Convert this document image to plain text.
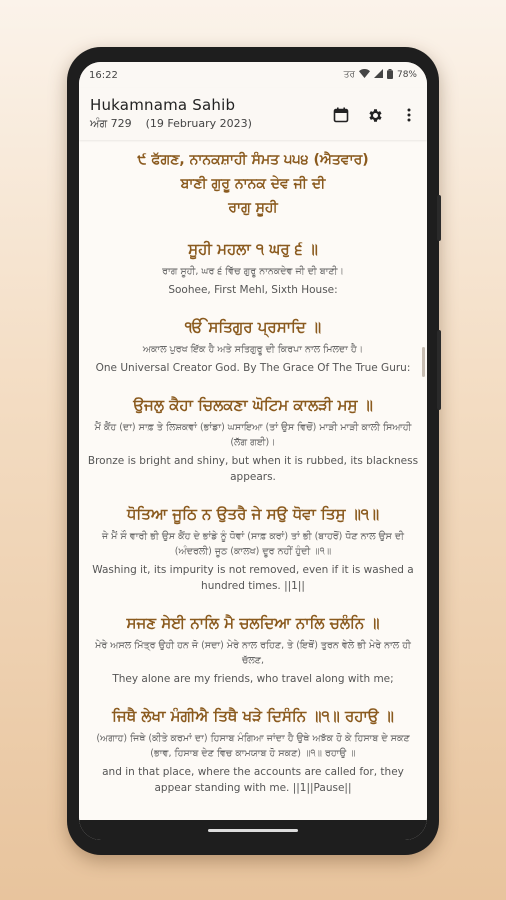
16:22	ਤਰ	78%
Hukamnama Sahib
ਅੰਗ 729 (19 February 2023)
੯ ਫੱਗਣ, ਨਾਨਕਸ਼ਾਹੀ ਸੰਮਤ ੫੫੪ (ਐਤਵਾਰ)
ਬਾਣੀ ਗੁਰੂ ਨਾਨਕ ਦੇਵ ਜੀ ਦੀ
ਰਾਗੁ ਸੂਹੀ
ਸੂਹੀ ਮਹਲਾ ੧ ਘਰੁ ੬ ॥
ਰਾਗ ਸੂਹੀ, ਘਰ ੬ ਵਿੱਚ ਗੁਰੂ ਨਾਨਕਦੇਵ ਜੀ ਦੀ ਬਾਣੀ।
Soohee, First Mehl, Sixth House:
ੴ ਸਤਿਗੁਰ ਪ੍ਰਸਾਦਿ ॥
ਅਕਾਲ ਪੁਰਖ ਇੱਕ ਹੈ ਅਤੇ ਸਤਿਗੁਰੂ ਦੀ ਕਿਰਪਾ ਨਾਲ ਮਿਲਦਾ ਹੈ।
One Universal Creator God. By The Grace Of The True Guru:
ਉਜਲੁ ਕੈਹਾ ਚਿਲਕਣਾ ਘੋਟਿਮ ਕਾਲੜੀ ਮਸੁ ॥
ਮੈਂ ਕੈਂਹ (ਦਾ) ਸਾਫ਼ ਤੇ ਲਿਸ਼ਕਵਾਂ (ਭਾਂਡਾ) ਘਸਾਇਆ (ਤਾਂ ਉਸ ਵਿਚੋਂ) ਮਾੜੀ ਮਾੜੀ ਕਾਲੀ ਸਿਆਹੀ (ਲੱਗ ਗਈ)।
Bronze is bright and shiny, but when it is rubbed, its blackness appears.
ਧੋਤਿਆ ਜੂਠਿ ਨ ਉਤਰੈ ਜੇ ਸਉ ਧੋਵਾ ਤਿਸੁ ॥੧॥
ਜੇ ਮੈਂ ਸੌ ਵਾਰੀ ਭੀ ਉਸ ਕੈਂਹ ਦੇ ਭਾਂਡੇ ਨੂੰ ਧੋਵਾਂ (ਸਾਫ਼ ਕਰਾਂ) ਤਾਂ ਭੀ (ਬਾਹਰੋਂ) ਧੋਣ ਨਾਲ ਉਸ ਦੀ (ਅੰਦਰਲੀ) ਜੂਠ (ਕਾਲਖ) ਦੂਰ ਨਹੀਂ ਹੁੰਦੀ ॥੧॥
Washing it, its impurity is not removed, even if it is washed a hundred times. ||1||
ਸਜਣ ਸੇਈ ਨਾਲਿ ਮੈ ਚਲਦਿਆ ਨਾਲਿ ਚਲੰਨਿ ॥
ਮੇਰੇ ਅਸਲ ਮਿੱਤ੍ਰ ਉਹੀ ਹਨ ਜੋ (ਸਦਾ) ਮੇਰੇ ਨਾਲ ਰਹਿਣ, ਤੇ (ਇਥੋਂ) ਤੁਰਨ ਵੇਲੇ ਭੀ ਮੇਰੇ ਨਾਲ ਹੀ ਚੱਲਣ,
They alone are my friends, who travel along with me;
ਜਿਥੈ ਲੇਖਾ ਮੰਗੀਐ ਤਿਥੈ ਖੜੇ ਦਿਸੰਨਿ ॥੧॥ ਰਹਾਉ ॥
(ਅਗਾਹ) ਜਿਥੇ (ਕੀਤੇ ਕਰਮਾਂ ਦਾ) ਹਿਸਾਬ ਮੰਗਿਆ ਜਾਂਦਾ ਹੈ ਉਥੇ ਅਝੱਕ ਹੋ ਕੇ ਹਿਸਾਬ ਦੇ ਸਕਣ (ਭਾਵ, ਹਿਸਾਬ ਦੇਣ ਵਿਚ ਕਾਮਯਾਬ ਹੋ ਸਕਣ) ॥੧॥ ਰਹਾਉ ॥
and in that place, where the accounts are called for, they appear standing with me. ||1||Pause||
